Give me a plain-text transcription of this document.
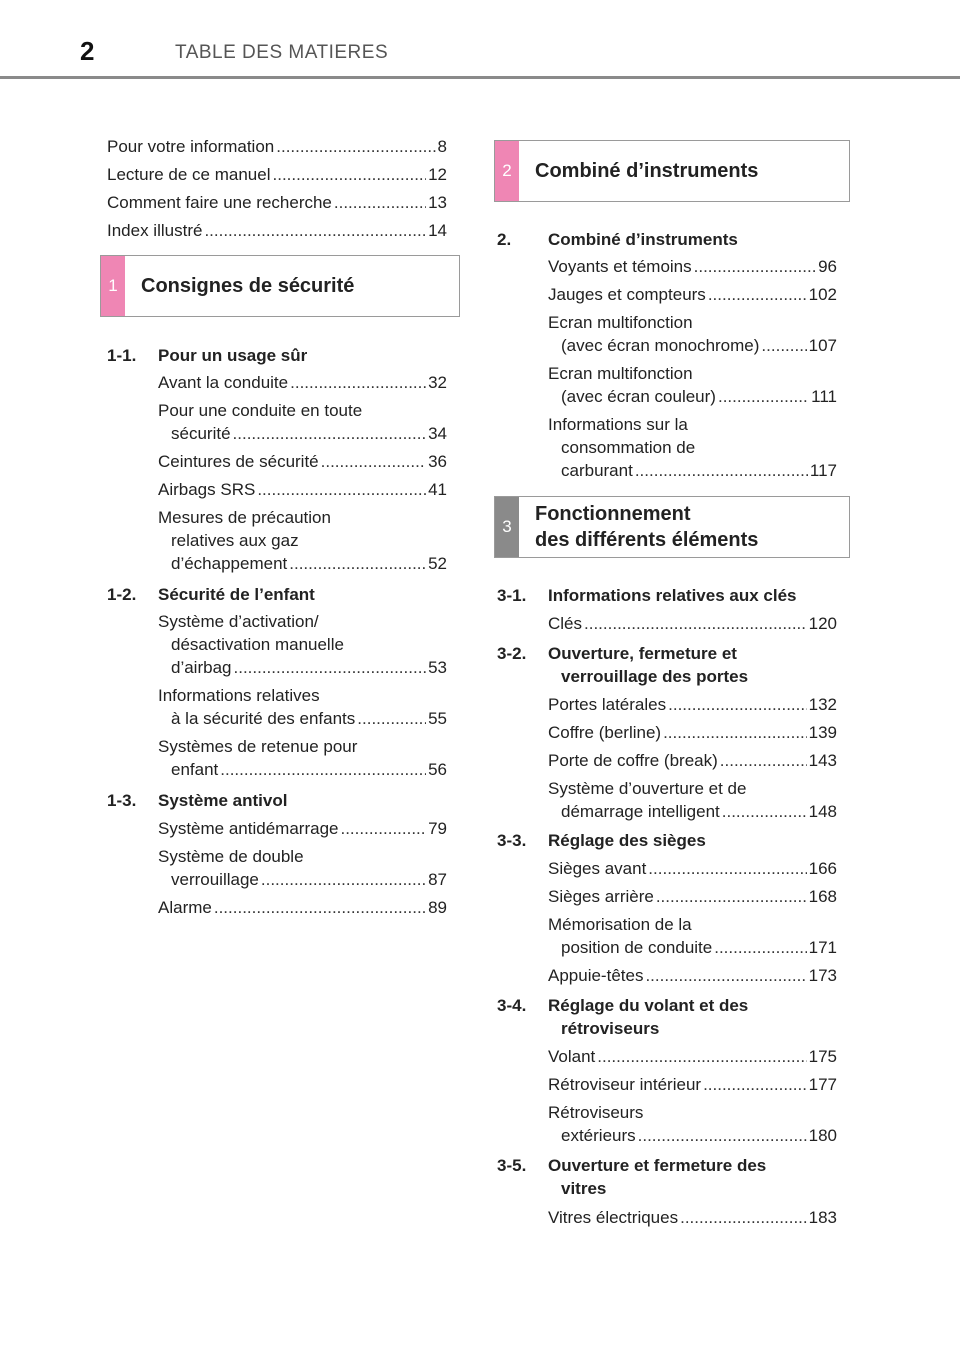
2	TABLE DES MATIERES
Pour votre information .....	8
Lecture de ce manuel .....	12
Comment faire une recherche .....	13
Index illustré .....	14
1	Consignes de sécurité
1-1.	Pour un usage sûr
Avant la conduite .....	32
Pour une conduite en toute
sécurité .....	34
Ceintures de sécurité .....	36
Airbags SRS .....	41
Mesures de précaution
relatives aux gaz
d’échappement .....	52
1-2.	Sécurité de l’enfant
Système d’activation/
désactivation manuelle
d’airbag .....	53
Informations relatives
à la sécurité des enfants .....	55
Systèmes de retenue pour
enfant .....	56
1-3.	Système antivol
Système antidémarrage .....	79
Système de double
verrouillage .....	87
Alarme .....	89
2	Combiné d’instruments
2.	Combiné d’instruments
Voyants et témoins .....	96
Jauges et compteurs .....	102
Ecran multifonction
(avec écran monochrome) .....	107
Ecran multifonction
(avec écran couleur) .....	111
Informations sur la
consommation de
carburant .....	117
3
Fonctionnement
des différents éléments
3-1.	Informations relatives aux clés
Clés .....	120
3-2.	Ouverture, fermeture et
verrouillage des portes
Portes latérales .....	132
Coffre (berline) .....	139
Porte de coffre (break) .....	143
Système d’ouverture et de
démarrage intelligent .....	148
3-3.	Réglage des sièges
Sièges avant .....	166
Sièges arrière .....	168
Mémorisation de la
position de conduite .....	171
Appuie-têtes .....	173
3-4.	Réglage du volant et des
rétroviseurs
Volant .....	175
Rétroviseur intérieur .....	177
Rétroviseurs
extérieurs .....	180
3-5.	Ouverture et fermeture des
vitres
Vitres électriques .....	183
